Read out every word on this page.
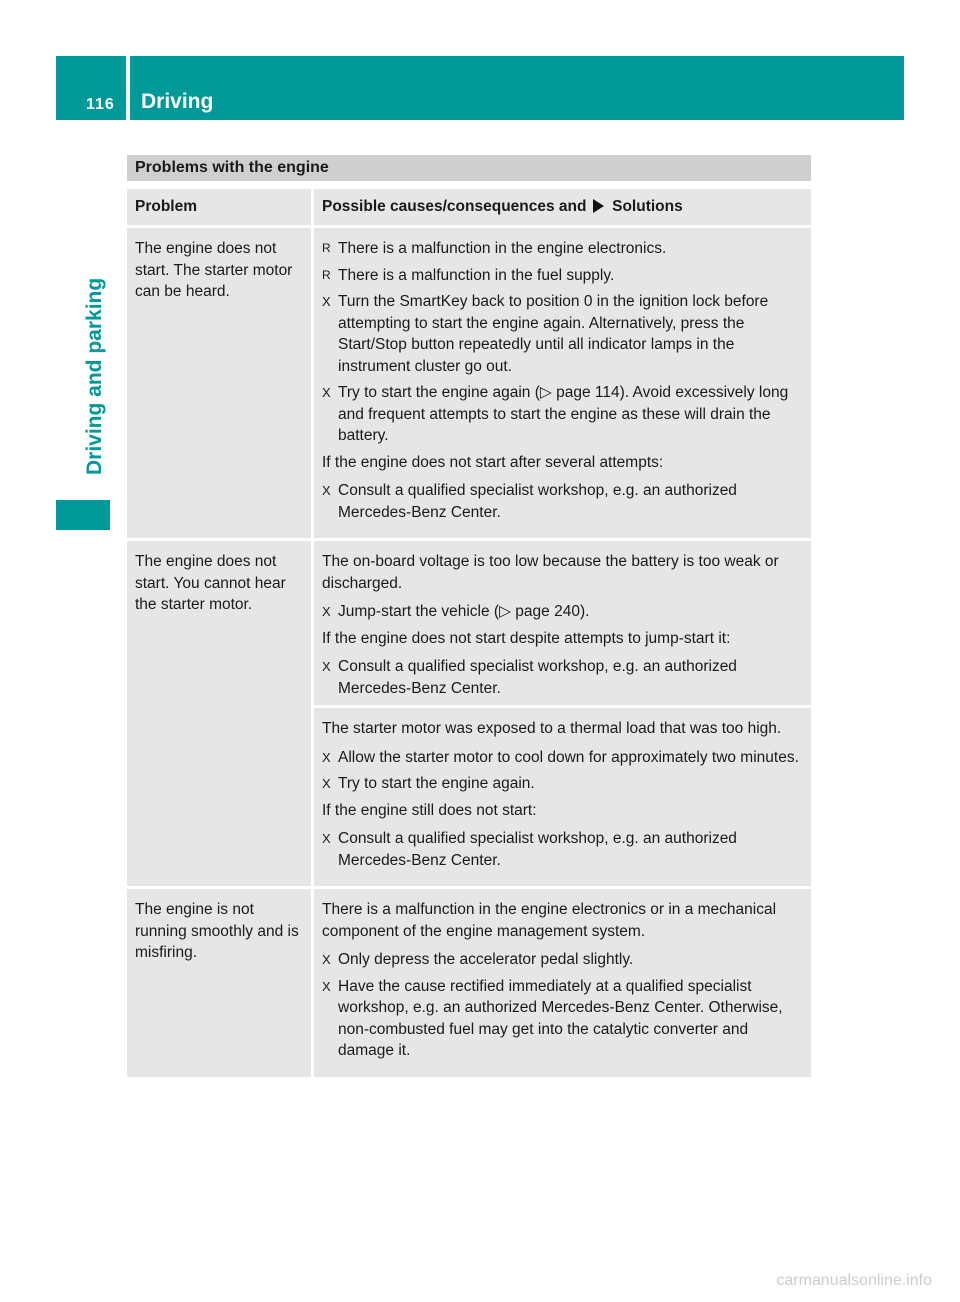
116 Driving
Driving and parking
Problems with the engine
Problem	Possible causes/consequences and Solutions
The engine does not start. The starter motor can be heard.
R There is a malfunction in the engine electronics.
R There is a malfunction in the fuel supply.
X Turn the SmartKey back to position 0 in the ignition lock before attempting to start the engine again. Alternatively, press the Start/Stop button repeatedly until all indicator lamps in the instrument cluster go out.
X Try to start the engine again (▷ page 114). Avoid excessively long and frequent attempts to start the engine as these will drain the battery.

If the engine does not start after several attempts:

X Consult a qualified specialist workshop, e.g. an authorized Mercedes-Benz Center.
The engine does not start. You cannot hear the starter motor.

The on-board voltage is too low because the battery is too weak or discharged.

X Jump-start the vehicle (▷ page 240).

If the engine does not start despite attempts to jump-start it:

X Consult a qualified specialist workshop, e.g. an authorized Mercedes-Benz Center.

The starter motor was exposed to a thermal load that was too high.

X Allow the starter motor to cool down for approximately two minutes.
X Try to start the engine again.

If the engine still does not start:

X Consult a qualified specialist workshop, e.g. an authorized Mercedes-Benz Center.
The engine is not running smoothly and is misfiring.

There is a malfunction in the engine electronics or in a mechanical component of the engine management system.

X Only depress the accelerator pedal slightly.
X Have the cause rectified immediately at a qualified specialist workshop, e.g. an authorized Mercedes-Benz Center. Otherwise, non-combusted fuel may get into the catalytic converter and damage it.
carmanualsonline.info
